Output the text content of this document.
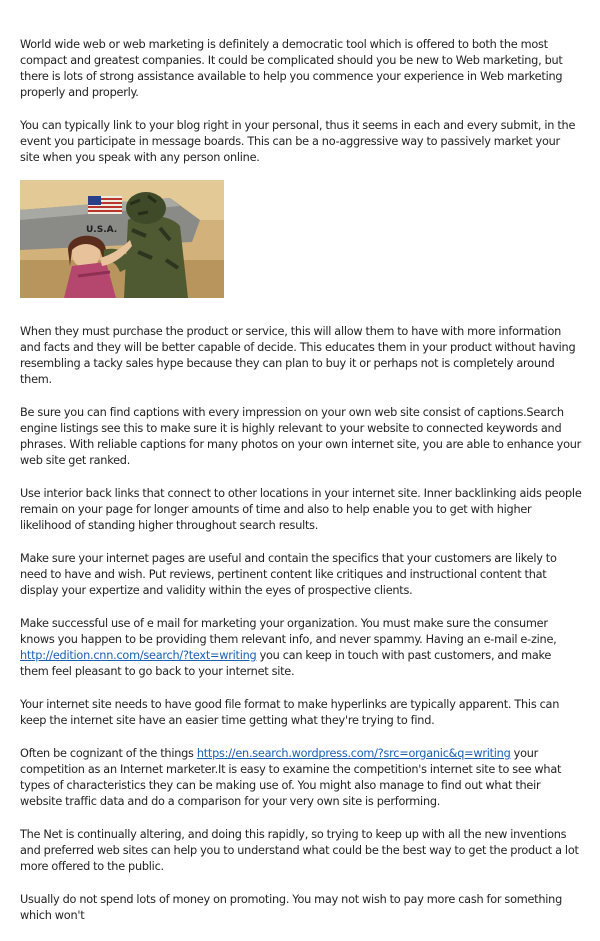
World wide web or web marketing is definitely a democratic tool which is offered to both the most compact and greatest companies. It could be complicated should you be new to Web marketing, but there is lots of strong assistance available to help you commence your experience in Web marketing properly and properly.

You can typically link to your blog right in your personal, thus it seems in each and every submit, in the event you participate in message boards. This can be a no-aggressive way to passively market your site when you speak with any person online.

U.S.A.

When they must purchase the product or service, this will allow them to have with more information and facts and they will be better capable of decide. This educates them in your product without having resembling a tacky sales hype because they can plan to buy it or perhaps not is completely around them.

Be sure you can find captions with every impression on your own web site consist of captions.Search engine listings see this to make sure it is highly relevant to your website to connected keywords and phrases. With reliable captions for many photos on your own internet site, you are able to enhance your web site get ranked.

Use interior back links that connect to other locations in your internet site. Inner backlinking aids people remain on your page for longer amounts of time and also to help enable you to get with higher likelihood of standing higher throughout search results.

Make sure your internet pages are useful and contain the specifics that your customers are likely to need to have and wish. Put reviews, pertinent content like critiques and instructional content that display your expertize and validity within the eyes of prospective clients.

Make successful use of e mail for marketing your organization. You must make sure the consumer knows you happen to be providing them relevant info, and never spammy. Having an e-mail e-zine, http://edition.cnn.com/search/?text=writing you can keep in touch with past customers, and make them feel pleasant to go back to your internet site.

Your internet site needs to have good file format to make hyperlinks are typically apparent. This can keep the internet site have an easier time getting what they're trying to find.

Often be cognizant of the things https://en.search.wordpress.com/?src=organic&q=writing your competition as an Internet marketer.It is easy to examine the competition's internet site to see what types of characteristics they can be making use of. You might also manage to find out what their website traffic data and do a comparison for your very own site is performing.

The Net is continually altering, and doing this rapidly, so trying to keep up with all the new inventions and preferred web sites can help you to understand what could be the best way to get the product a lot more offered to the public.

Usually do not spend lots of money on promoting. You may not wish to pay more cash for something which won't
